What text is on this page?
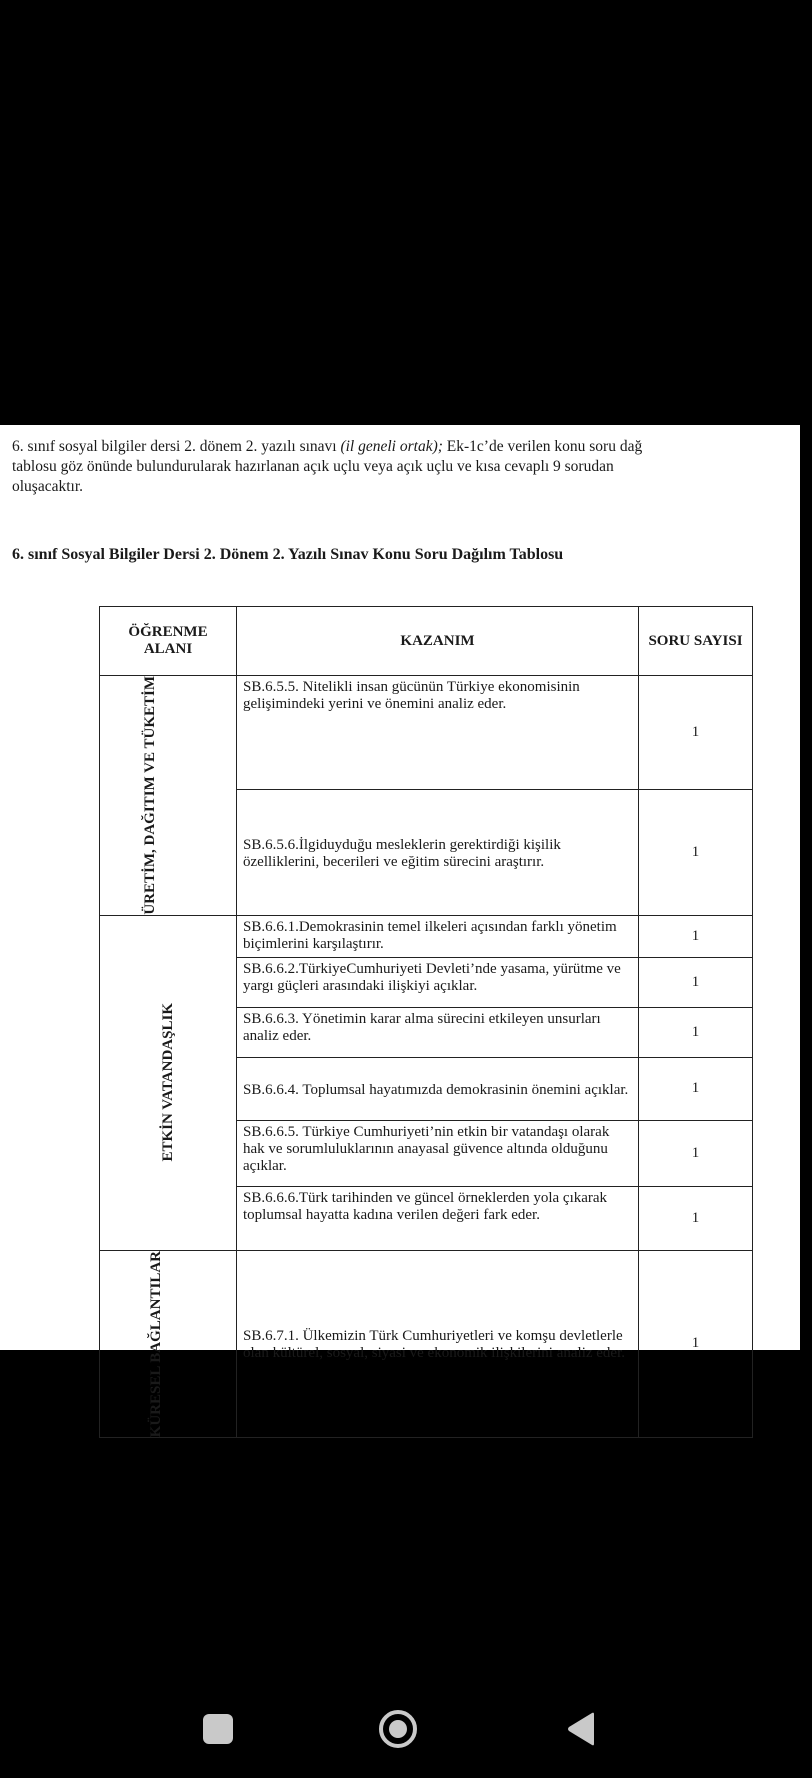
6. sınıf sosyal bilgiler dersi 2. dönem 2. yazılı sınavı (il geneli ortak); Ek-1c’de verilen konu soru dağ
tablosu göz önünde bulundurularak hazırlanan açık uçlu veya açık uçlu ve kısa cevaplı 9 sorudan
oluşacaktır.
6. sınıf Sosyal Bilgiler Dersi 2. Dönem 2. Yazılı Sınav Konu Soru Dağılım Tablosu
ÖĞRENME ALANI	KAZANIM	SORU SAYISI

ÜRETİM, DAĞITIM VE TÜKETİM	SB.6.5.5. Nitelikli insan gücünün Türkiye ekonomisinin gelişimindeki yerini ve önemini analiz eder.	1
	SB.6.5.6.İlgiduyduğu mesleklerin gerektirdiği kişilik özelliklerini, becerileri ve eğitim sürecini araştırır.	1

ETKİN VATANDAŞLIK	SB.6.6.1.Demokrasinin temel ilkeleri açısından farklı yönetim biçimlerini karşılaştırır.	1
	SB.6.6.2.TürkiyeCumhuriyeti Devleti’nde yasama, yürütme ve yargı güçleri arasındaki ilişkiyi açıklar.	1
	SB.6.6.3. Yönetimin karar alma sürecini etkileyen unsurları analiz eder.	1
	SB.6.6.4. Toplumsal hayatımızda demokrasinin önemini açıklar.	1
	SB.6.6.5. Türkiye Cumhuriyeti’nin etkin bir vatandaşı olarak hak ve sorumluluklarının anayasal güvence altında olduğunu açıklar.	1
	SB.6.6.6.Türk tarihinden ve güncel örneklerden yola çıkarak toplumsal hayatta kadına verilen değeri fark eder.	1

KÜRESEL BAĞLANTILAR	SB.6.7.1. Ülkemizin Türk Cumhuriyetleri ve komşu devletlerle olan kültürel, sosyal, siyasi ve ekonomik ilişkilerini analiz eder.	1
